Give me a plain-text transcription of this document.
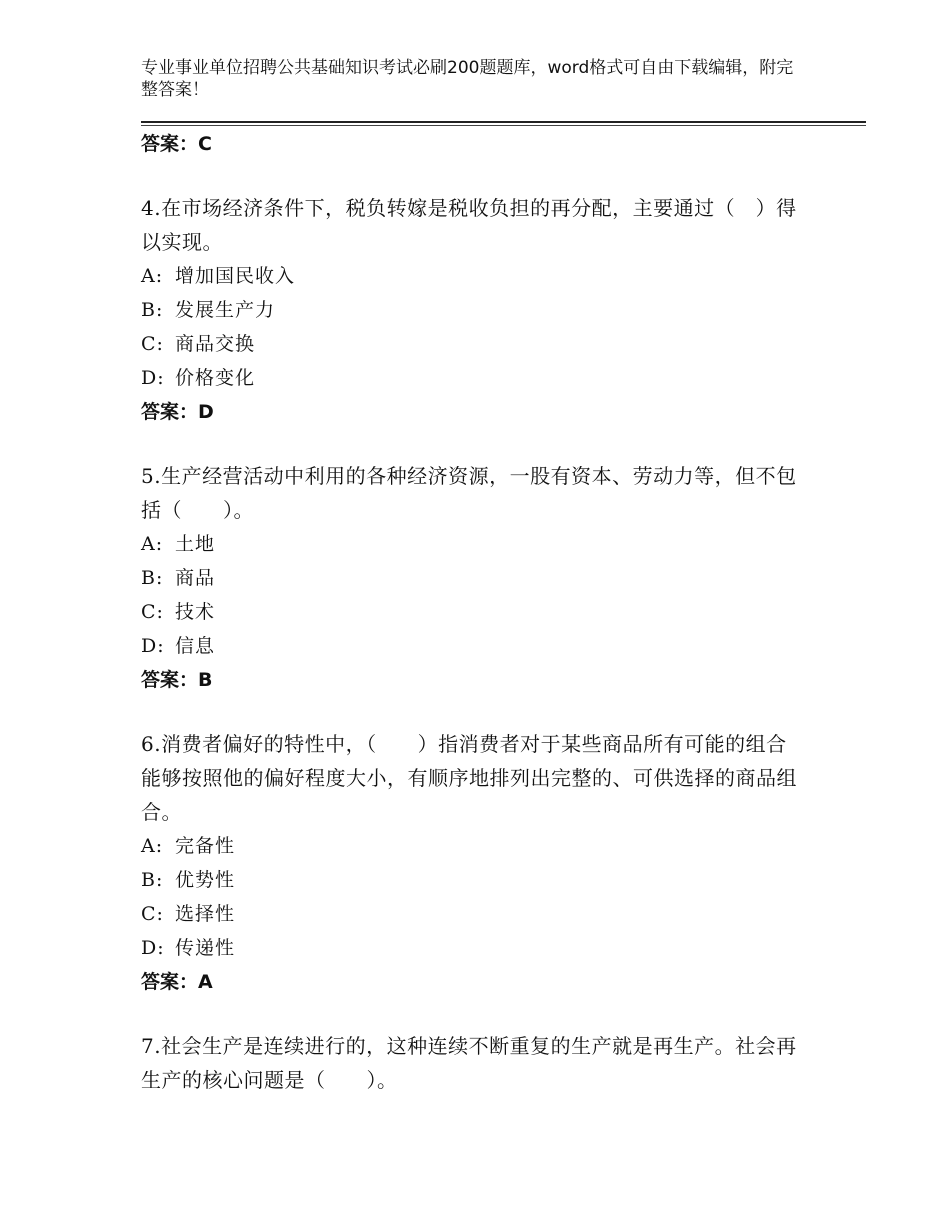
专业事业单位招聘公共基础知识考试必刷200题题库，word格式可自由下载编辑，附完整答案！
答案：C
4.在市场经济条件下，税负转嫁是税收负担的再分配，主要通过（　）得以实现。
A: 增加国民收入
B: 发展生产力
C: 商品交换
D: 价格变化
答案：D
5.生产经营活动中利用的各种经济资源，一股有资本、劳动力等，但不包括（　　）。
A: 土地
B: 商品
C: 技术
D: 信息
答案：B
6.消费者偏好的特性中，（　　）指消费者对于某些商品所有可能的组合能够按照他的偏好程度大小，有顺序地排列出完整的、可供选择的商品组合。
A: 完备性
B: 优势性
C: 选择性
D: 传递性
答案：A
7.社会生产是连续进行的，这种连续不断重复的生产就是再生产。社会再生产的核心问题是（　　）。
